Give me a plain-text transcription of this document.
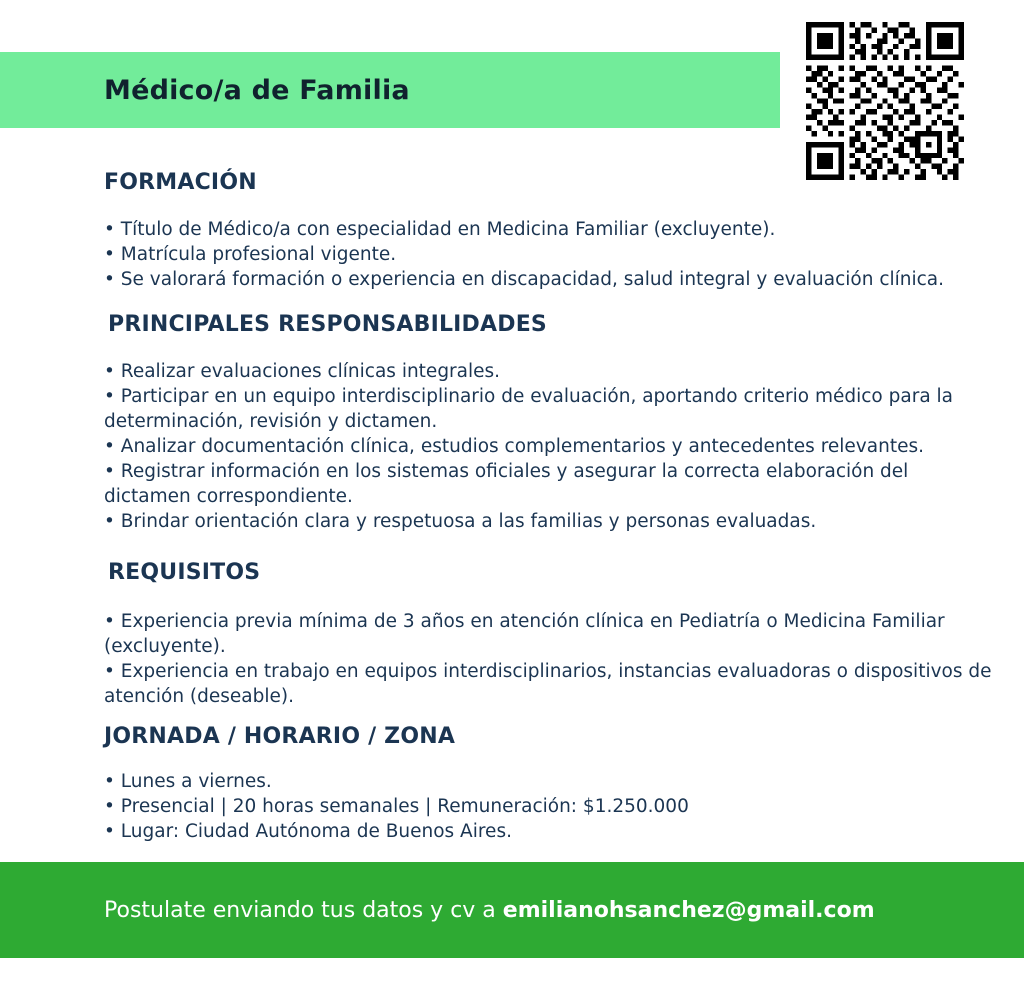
Médico/a de Familia
FORMACIÓN
• Título de Médico/a con especialidad en Medicina Familiar (excluyente).
• Matrícula profesional vigente.
• Se valorará formación o experiencia en discapacidad, salud integral y evaluación clínica.
PRINCIPALES RESPONSABILIDADES
• Realizar evaluaciones clínicas integrales.
• Participar en un equipo interdisciplinario de evaluación, aportando criterio médico para la determinación, revisión y dictamen.
• Analizar documentación clínica, estudios complementarios y antecedentes relevantes.
• Registrar información en los sistemas oficiales y asegurar la correcta elaboración del dictamen correspondiente.
• Brindar orientación clara y respetuosa a las familias y personas evaluadas.
REQUISITOS
• Experiencia previa mínima de 3 años en atención clínica en Pediatría o Medicina Familiar (excluyente).
• Experiencia en trabajo en equipos interdisciplinarios, instancias evaluadoras o dispositivos de atención (deseable).
JORNADA / HORARIO / ZONA
• Lunes a viernes.
• Presencial | 20 horas semanales | Remuneración: $1.250.000
• Lugar: Ciudad Autónoma de Buenos Aires.
Postulate enviando tus datos y cv a emilianohsanchez@gmail.com
